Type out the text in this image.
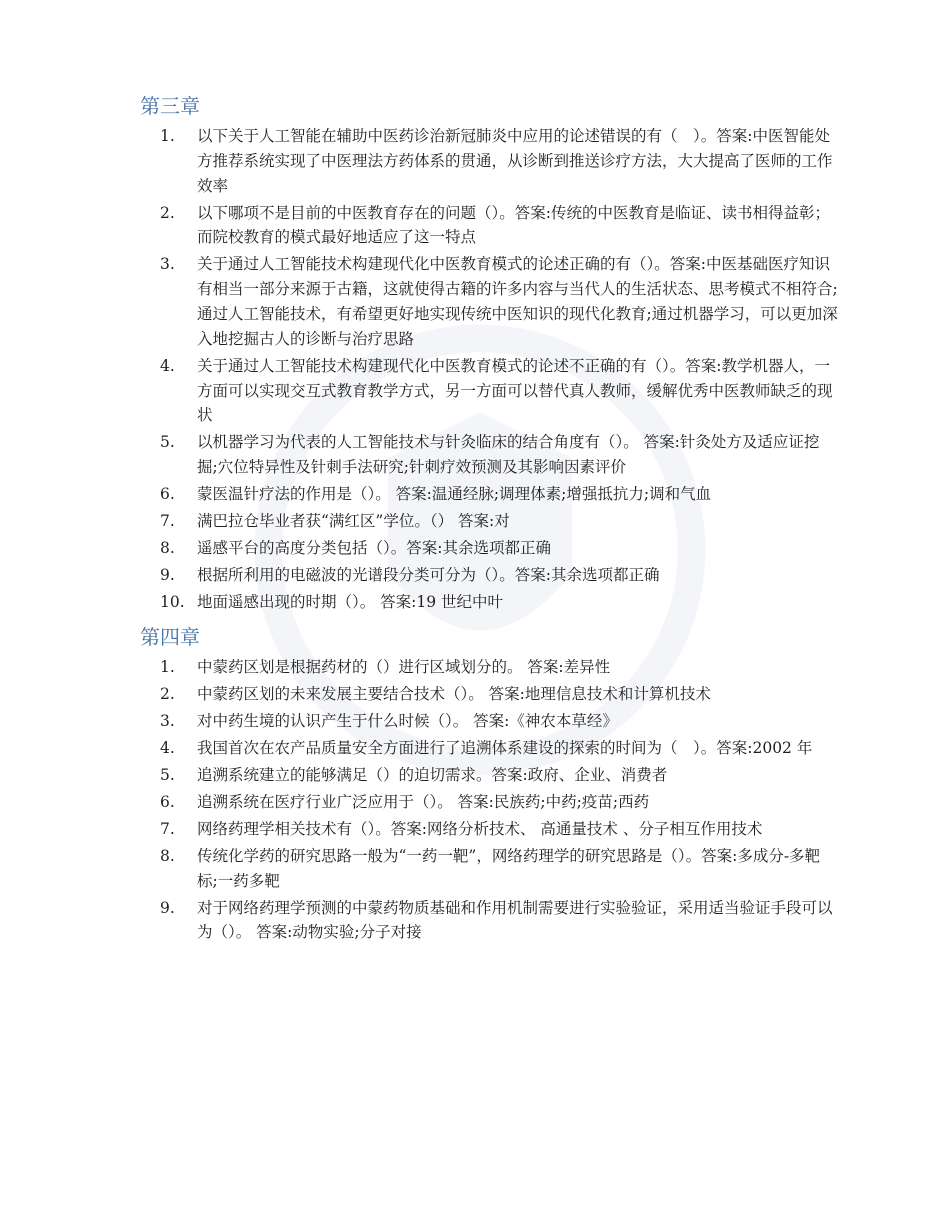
第三章
1.	以下关于人工智能在辅助中医药诊治新冠肺炎中应用的论述错误的有（　）。答案:中医智能处方推荐系统实现了中医理法方药体系的贯通，从诊断到推送诊疗方法，大大提高了医师的工作效率
2.	以下哪项不是目前的中医教育存在的问题（）。答案:传统的中医教育是临证、读书相得益彰；而院校教育的模式最好地适应了这一特点
3.	关于通过人工智能技术构建现代化中医教育模式的论述正确的有（）。答案:中医基础医疗知识有相当一部分来源于古籍，这就使得古籍的许多内容与当代人的生活状态、思考模式不相符合;通过人工智能技术，有希望更好地实现传统中医知识的现代化教育;通过机器学习，可以更加深入地挖掘古人的诊断与治疗思路
4.	关于通过人工智能技术构建现代化中医教育模式的论述不正确的有（）。答案:教学机器人，一方面可以实现交互式教育教学方式，另一方面可以替代真人教师，缓解优秀中医教师缺乏的现状
5.	以机器学习为代表的人工智能技术与针灸临床的结合角度有（）。 答案:针灸处方及适应证挖掘;穴位特异性及针刺手法研究;针刺疗效预测及其影响因素评价
6.	蒙医温针疗法的作用是（）。 答案:温通经脉;调理体素;增强抵抗力;调和气血
7.	满巴拉仓毕业者获“满红区”学位。（） 答案:对
8.	遥感平台的高度分类包括（）。答案:其余选项都正确
9.	根据所利用的电磁波的光谱段分类可分为（）。答案:其余选项都正确
10. 地面遥感出现的时期（）。 答案:19 世纪中叶
第四章
1.	中蒙药区划是根据药材的（）进行区域划分的。 答案:差异性
2.	中蒙药区划的未来发展主要结合技术（）。 答案:地理信息技术和计算机技术
3.	对中药生境的认识产生于什么时候（）。 答案:《神农本草经》
4.	我国首次在农产品质量安全方面进行了追溯体系建设的探索的时间为（　）。答案:2002 年
5.	追溯系统建立的能够满足（）的迫切需求。答案:政府、企业、消费者
6.	追溯系统在医疗行业广泛应用于（）。 答案:民族药;中药;疫苗;西药
7.	网络药理学相关技术有（）。答案:网络分析技术、 高通量技术 、分子相互作用技术
8.	传统化学药的研究思路一般为“一药一靶”，网络药理学的研究思路是（）。答案:多成分-多靶标;一药多靶
9.	对于网络药理学预测的中蒙药物质基础和作用机制需要进行实验验证，采用适当验证手段可以为（）。 答案:动物实验;分子对接
